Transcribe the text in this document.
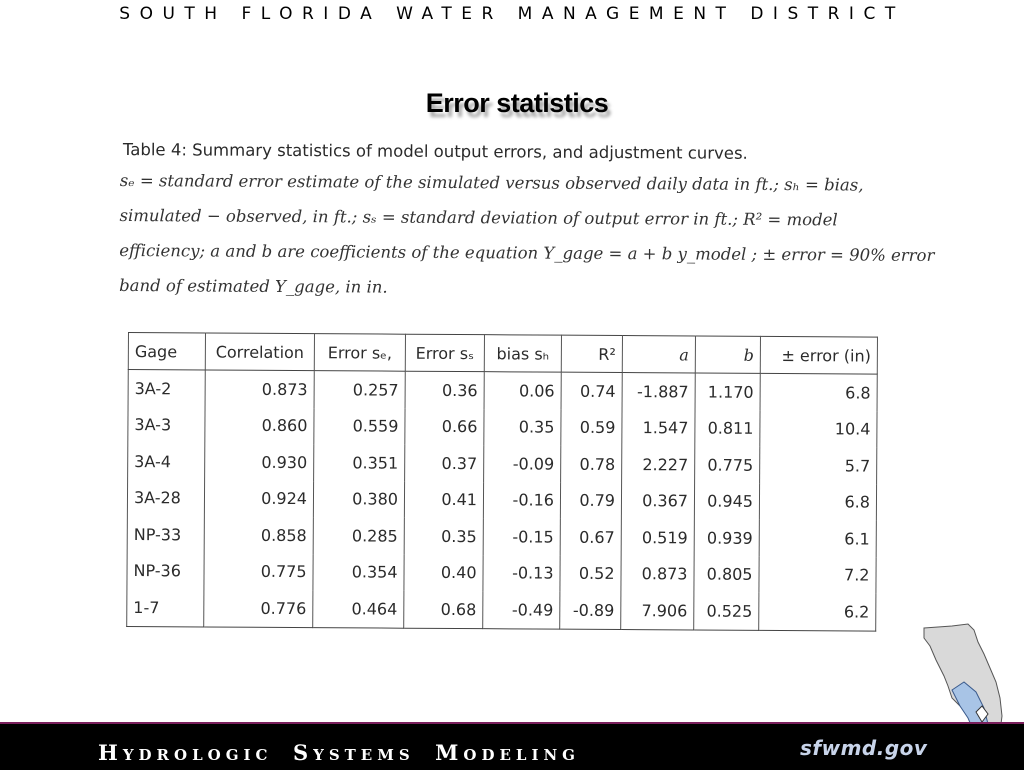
SOUTH FLORIDA WATER MANAGEMENT DISTRICT
Error statistics
Table 4: Summary statistics of model output errors, and adjustment curves.
sₑ = standard error estimate of the simulated versus observed daily data in ft.; sₕ = bias,
simulated − observed, in ft.; sₛ = standard deviation of output error in ft.; R² = model
efficiency; a and b are coefficients of the equation Y_gage = a + b y_model ; ± error = 90% error
band of estimated Y_gage, in in.
Gage	Correlation	Error sₑ,	Error sₛ	bias sₕ	R²	a	b	± error (in)
3A-2	0.873	0.257	0.36	0.06	0.74	-1.887	1.170	6.8
3A-3	0.860	0.559	0.66	0.35	0.59	1.547	0.811	10.4
3A-4	0.930	0.351	0.37	-0.09	0.78	2.227	0.775	5.7
3A-28	0.924	0.380	0.41	-0.16	0.79	0.367	0.945	6.8
NP-33	0.858	0.285	0.35	-0.15	0.67	0.519	0.939	6.1
NP-36	0.775	0.354	0.40	-0.13	0.52	0.873	0.805	7.2
1-7	0.776	0.464	0.68	-0.49	-0.89	7.906	0.525	6.2
HYDROLOGIC SYSTEMS MODELING	sfwmd.gov
